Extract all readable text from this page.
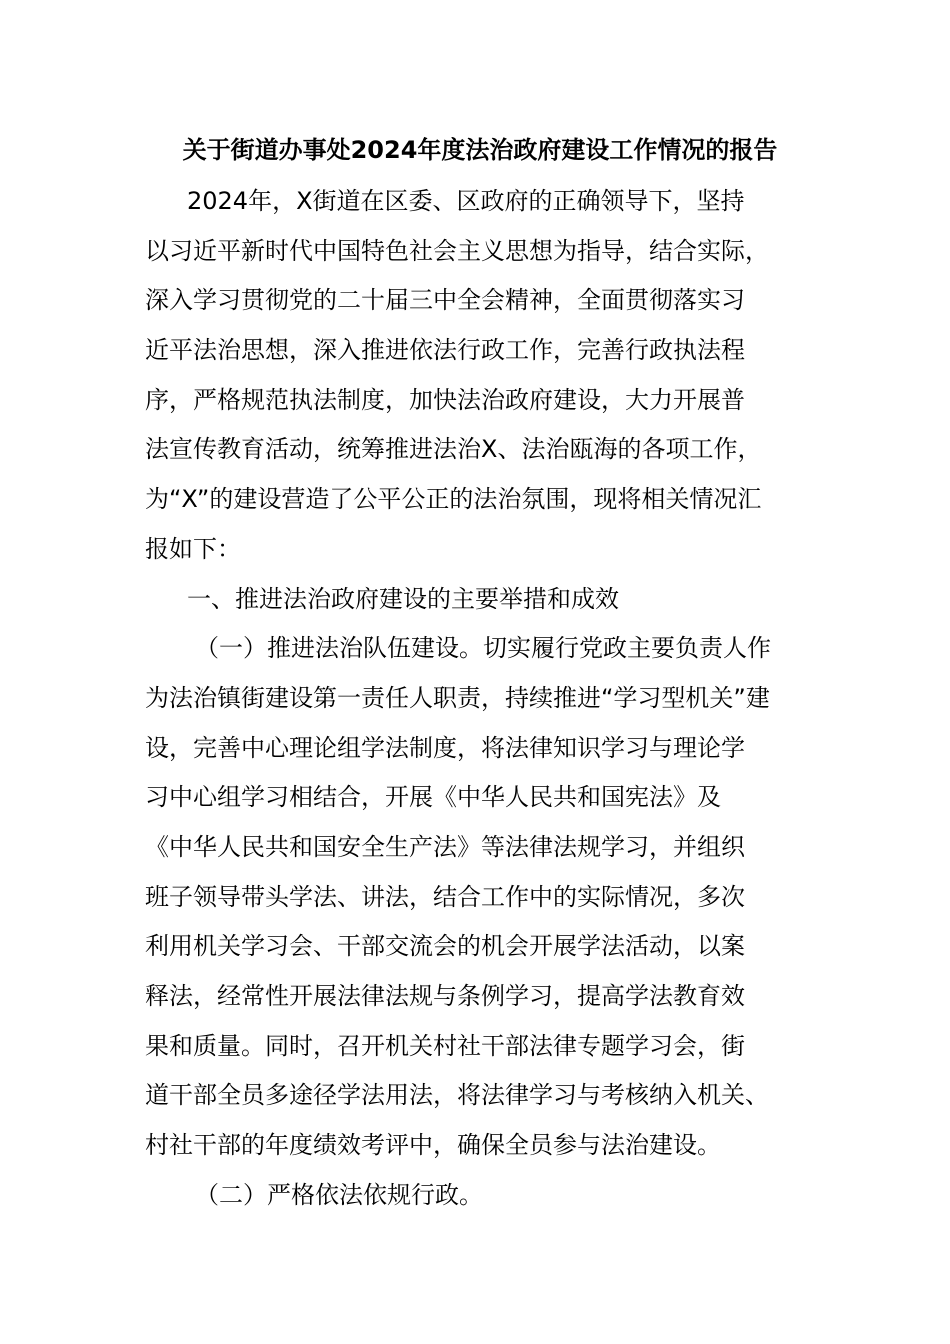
关于街道办事处2024年度法治政府建设工作情况的报告
2024年，X街道在区委、区政府的正确领导下，坚持
以习近平新时代中国特色社会主义思想为指导，结合实际，
深入学习贯彻党的二十届三中全会精神，全面贯彻落实习
近平法治思想，深入推进依法行政工作，完善行政执法程
序，严格规范执法制度，加快法治政府建设，大力开展普
法宣传教育活动，统筹推进法治X、法治瓯海的各项工作，
为“X”的建设营造了公平公正的法治氛围，现将相关情况汇
报如下：
一、推进法治政府建设的主要举措和成效
（一）推进法治队伍建设。切实履行党政主要负责人作
为法治镇街建设第一责任人职责，持续推进“学习型机关”建
设，完善中心理论组学法制度，将法律知识学习与理论学
习中心组学习相结合，开展《中华人民共和国宪法》及
《中华人民共和国安全生产法》等法律法规学习，并组织
班子领导带头学法、讲法，结合工作中的实际情况，多次
利用机关学习会、干部交流会的机会开展学法活动，以案
释法，经常性开展法律法规与条例学习，提高学法教育效
果和质量。同时，召开机关村社干部法律专题学习会，街
道干部全员多途径学法用法，将法律学习与考核纳入机关、
村社干部的年度绩效考评中，确保全员参与法治建设。
（二）严格依法依规行政。
